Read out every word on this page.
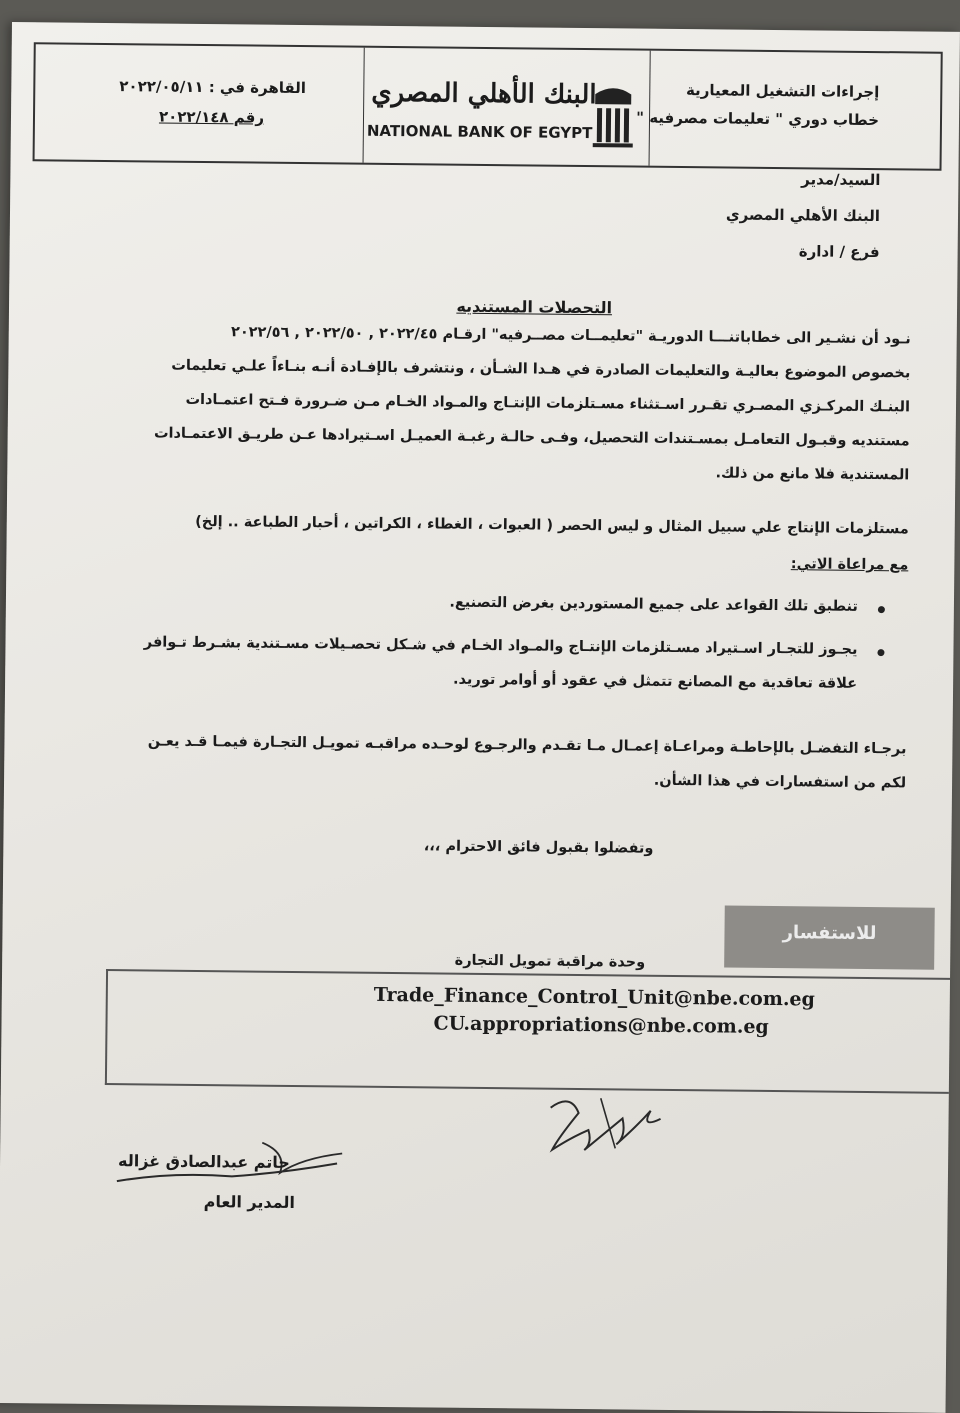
إجراءات التشغيل المعيارية
خطاب دوري " تعليمات مصرفيه "
البنك الأهلي المصري
NATIONAL BANK OF EGYPT
القاهرة في : ٢٠٢٢/٠٥/١١
رقم ٢٠٢٢/١٤٨
السيد/مدير
البنك الأهلي المصري
فرع / ادارة
التحصلات المستنديه
نـود أن نشـير الى خطاباتنـــا الدوريـة "تعليمــات مصــرفيه" ارقـام ٢٠٢٢/٤٥ , ٢٠٢٢/٥٠ , ٢٠٢٢/٥٦
بخصوص الموضوع بعاليـة والتعليمات الصادرة في هـدا الشـأن ، ونتشرف بالإفـادة أنـه بنـاءاً علـي تعليمات
البنـك المركـزي المصـري تقـرر اسـتثناء مسـتلزمات الإنتـاج والمـواد الخـام مـن ضـرورة فـتح اعتمـادات
مستنديه وقبـول التعامـل بمسـتندات التحصيل، وفـى حالـة رغبـة العميـل اسـتيرادها عـن طريـق الاعتمـادات
المستندية فلا مانع من ذلك.
مستلزمات الإنتاج علي سبيل المثال و ليس الحصر ( العبوات ، الغطاء ، الكراتين ، أحبار الطباعة .. إلخ)
مع مراعاة الاتي:
تنطبق تلك القواعد على جميع المستوردين بغرض التصنيع.
يجـوز للتجـار اسـتيراد مسـتلزمات الإنتـاج والمـواد الخـام في شـكل تحصـيلات مسـتندية بشـرط تـوافر
علاقة تعاقدية مع المصانع تتمثل في عقود أو أوامر توريد.
برجـاء التفضـل بالإحاطـة ومراعـاة إعمـال مـا تقـدم والرجـوع لوحـده مراقبـه تمويـل التجـارة فيمـا قـد يعـن
لكم من استفسارات في هذا الشأن.
وتفضلوا بقبول فائق الاحترام ،،،
للاستفسار
وحدة مراقبة تمويل التجارة
Trade_Finance_Control_Unit@nbe.com.eg
CU.appropriations@nbe.com.eg
حاتم عبدالصادق غزاله
المدير العام
